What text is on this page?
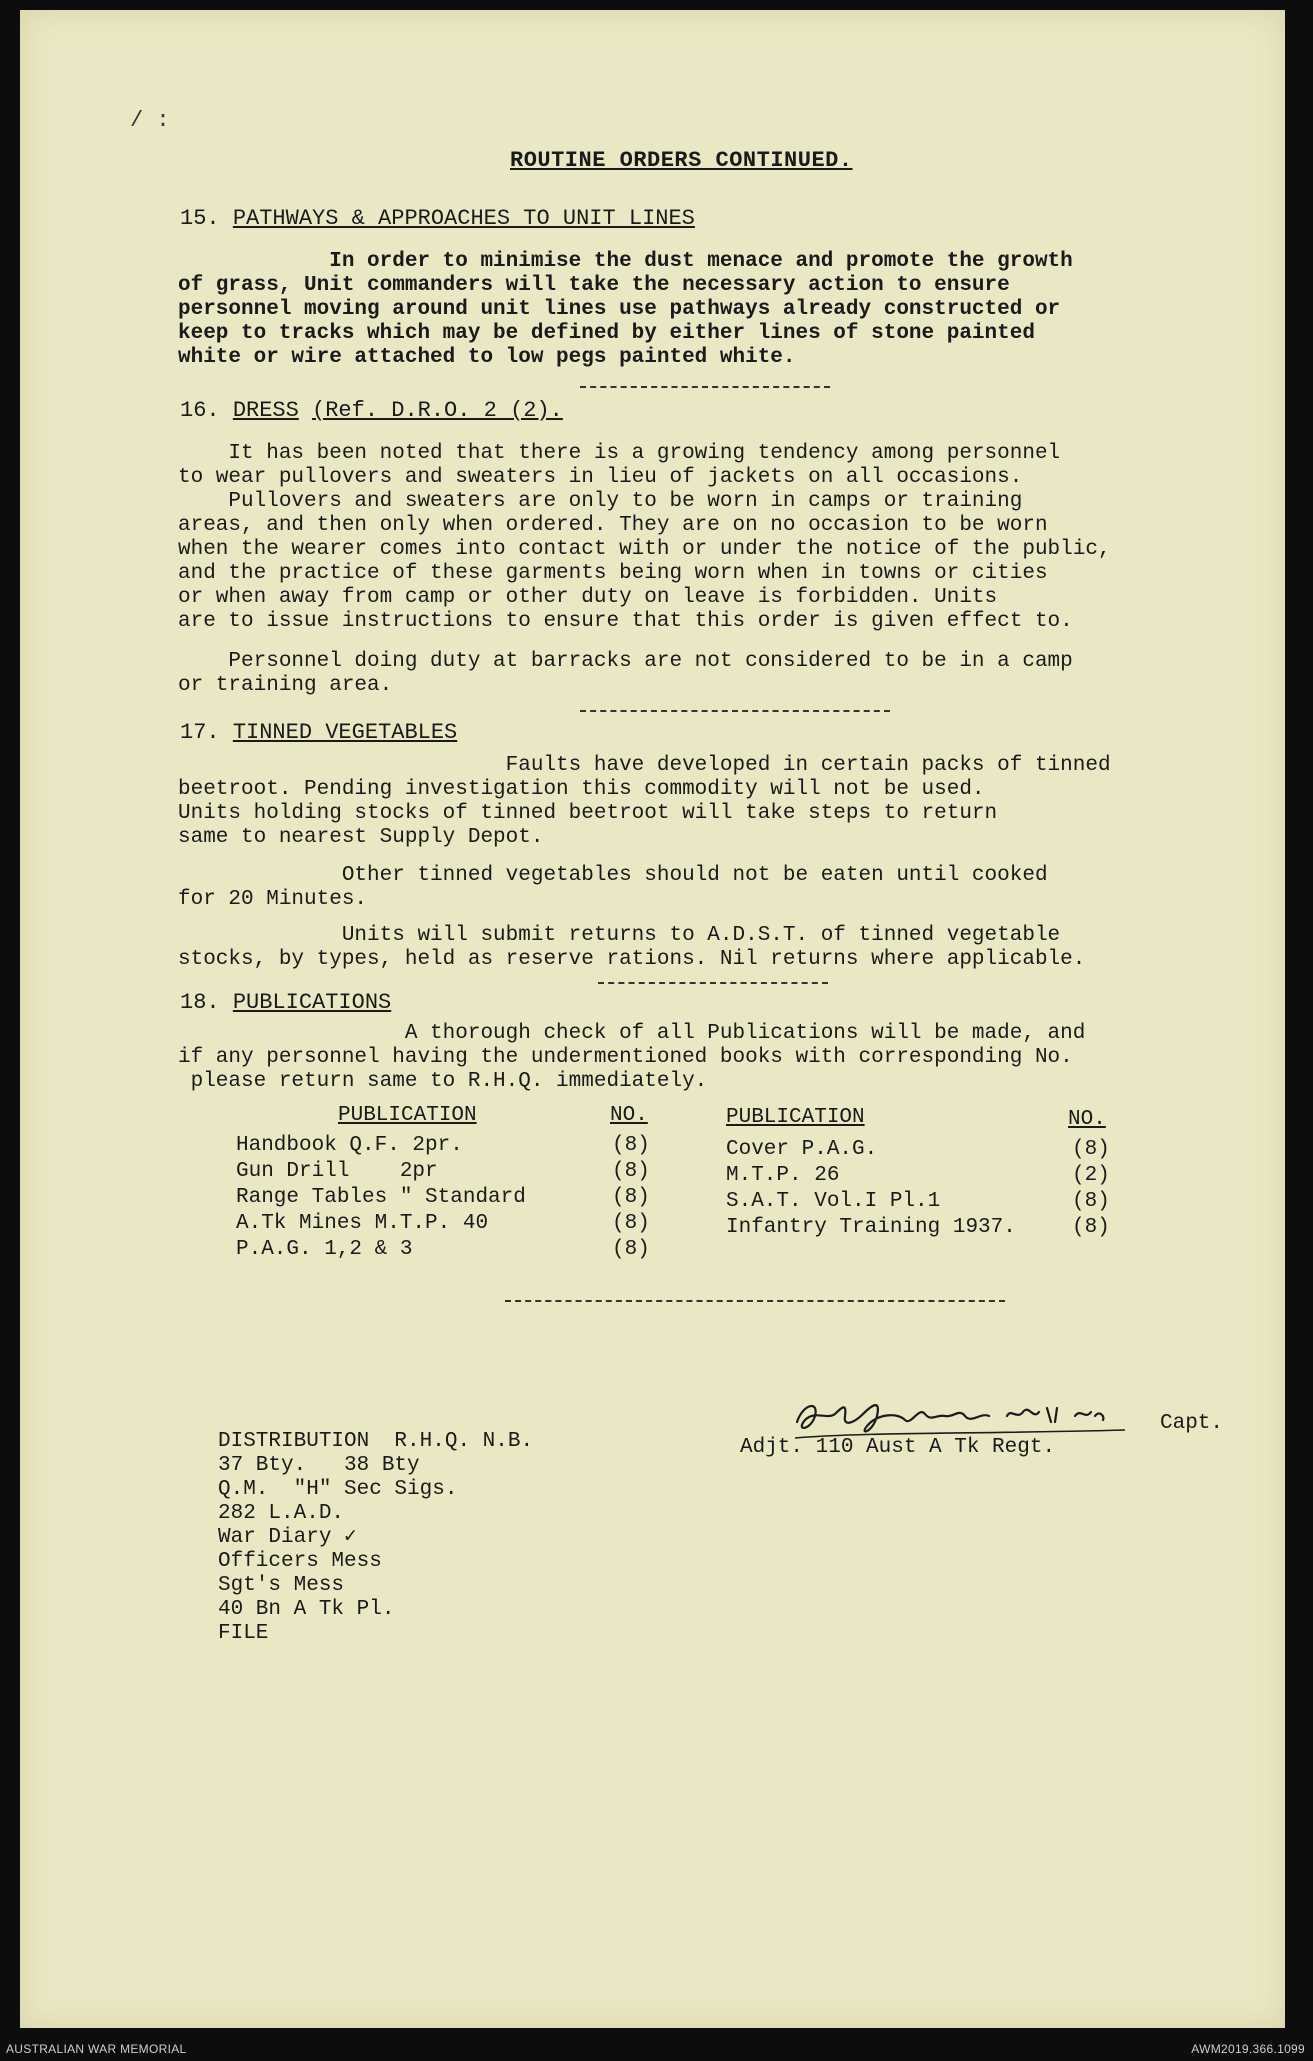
/ :
ROUTINE ORDERS CONTINUED.
15. PATHWAYS & APPROACHES TO UNIT LINES
In order to minimise the dust menace and promote the growth
of grass, Unit commanders will take the necessary action to ensure
personnel moving around unit lines use pathways already constructed or
keep to tracks which may be defined by either lines of stone painted
white or wire attached to low pegs painted white.
16. DRESS (Ref. D.R.O. 2 (2).
It has been noted that there is a growing tendency among personnel
to wear pullovers and sweaters in lieu of jackets on all occasions.
Pullovers and sweaters are only to be worn in camps or training
areas, and then only when ordered. They are on no occasion to be worn
when the wearer comes into contact with or under the notice of the public,
and the practice of these garments being worn when in towns or cities
or when away from camp or other duty on leave is forbidden. Units
are to issue instructions to ensure that this order is given effect to.
Personnel doing duty at barracks are not considered to be in a camp
or training area.
17. TINNED VEGETABLES
Faults have developed in certain packs of tinned
beetroot. Pending investigation this commodity will not be used.
Units holding stocks of tinned beetroot will take steps to return
same to nearest Supply Depot.
Other tinned vegetables should not be eaten until cooked
for 20 Minutes.
Units will submit returns to A.D.S.T. of tinned vegetable
stocks, by types, held as reserve rations. Nil returns where applicable.
18. PUBLICATIONS
A thorough check of all Publications will be made, and
if any personnel having the undermentioned books with corresponding No.
please return same to R.H.Q. immediately.
PUBLICATION	NO.
Handbook Q.F. 2pr.	(8)
Gun Drill    2pr	(8)
Range Tables " Standard	(8)
A.Tk Mines M.T.P. 40	(8)
P.A.G. 1,2 & 3	(8)
PUBLICATION	NO.
Cover P.A.G.	(8)
M.T.P. 26	(2)
S.A.T. Vol.I Pl.1	(8)
Infantry Training 1937.	(8)
Capt.
Adjt. 110 Aust A Tk Regt.
DISTRIBUTION  R.H.Q. N.B.
37 Bty.   38 Bty
Q.M.  "H" Sec Sigs.
282 L.A.D.
War Diary ✓
Officers Mess
Sgt's Mess
40 Bn A Tk Pl.
FILE
AUSTRALIAN WAR MEMORIAL	AWM2019.366.1099
